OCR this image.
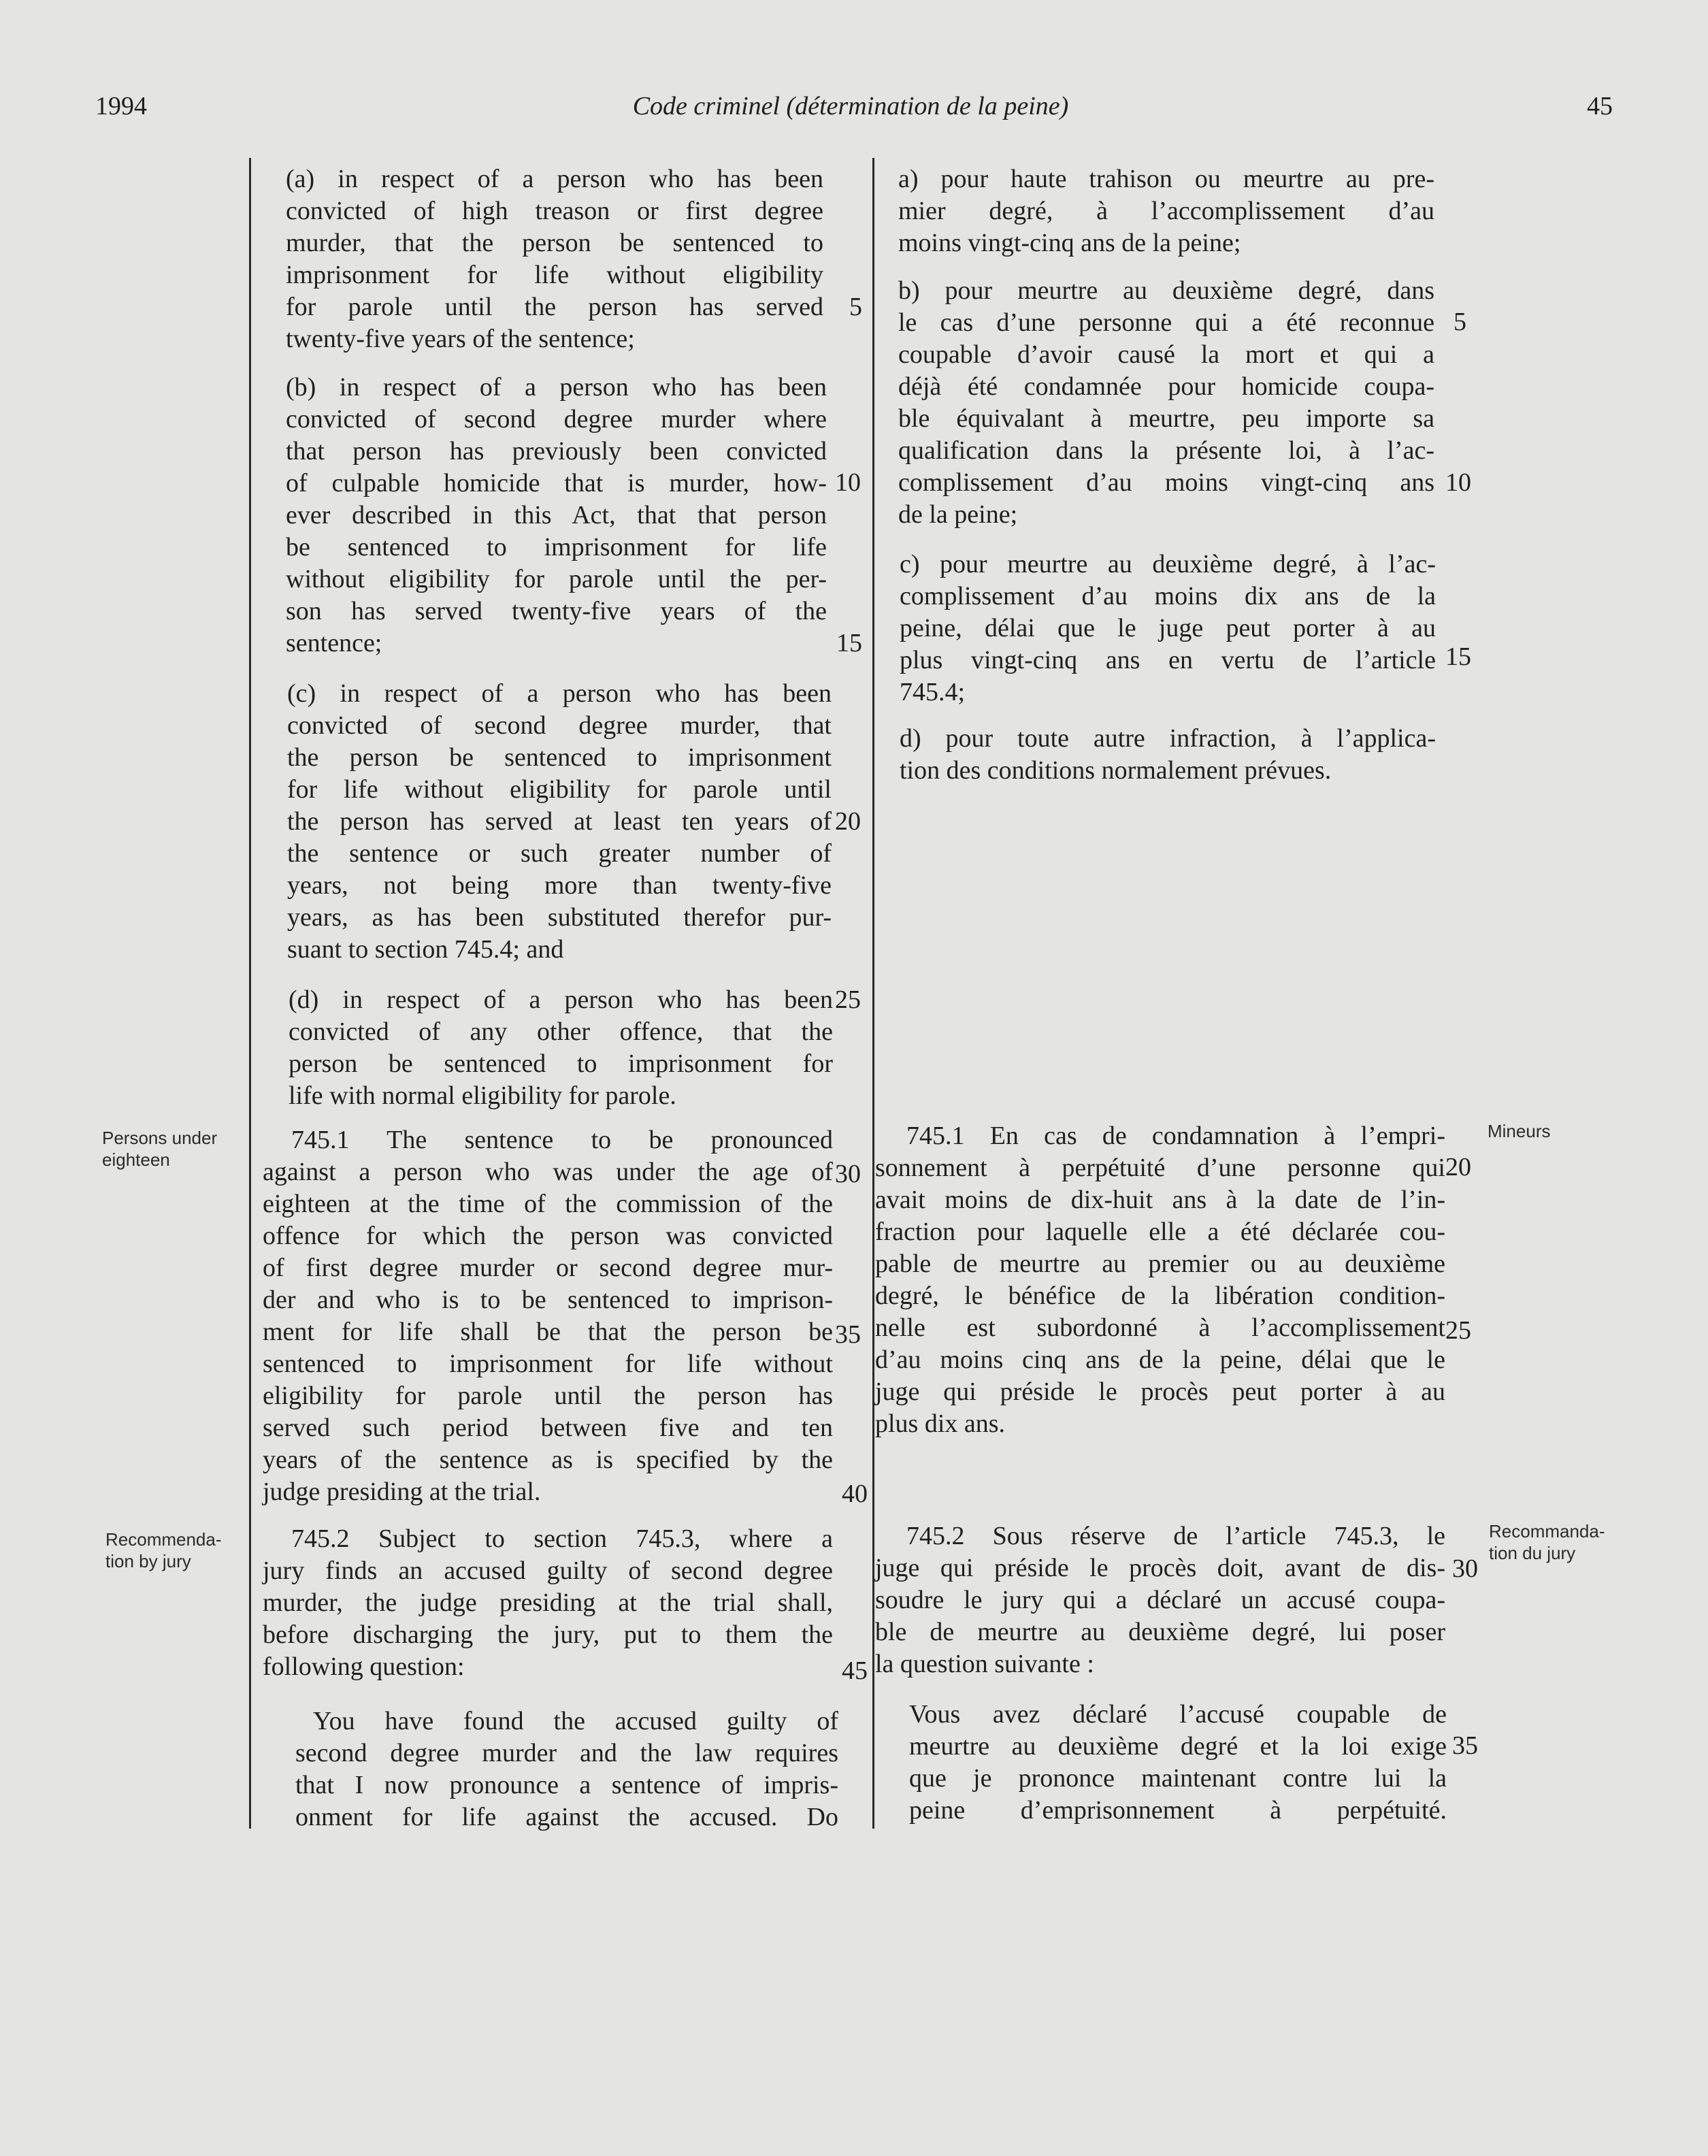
1994	Code criminel (détermination de la peine)	45
Persons under
eighteen
Recommenda-
tion by jury
Mineurs
Recommanda-
tion du jury
(a) in respect of a person who has been
convicted of high treason or first degree
murder, that the person be sentenced to
imprisonment for life without eligibility
for parole until the person has served
twenty-five years of the sentence;
(b) in respect of a person who has been
convicted of second degree murder where
that person has previously been convicted
of culpable homicide that is murder, how-
ever described in this Act, that that person
be sentenced to imprisonment for life
without eligibility for parole until the per-
son has served twenty-five years of the
sentence;
(c) in respect of a person who has been
convicted of second degree murder, that
the person be sentenced to imprisonment
for life without eligibility for parole until
the person has served at least ten years of
the sentence or such greater number of
years, not being more than twenty-five
years, as has been substituted therefor pur-
suant to section 745.4; and
(d) in respect of a person who has been
convicted of any other offence, that the
person be sentenced to imprisonment for
life with normal eligibility for parole.
745.1 The sentence to be pronounced
against a person who was under the age of
eighteen at the time of the commission of the
offence for which the person was convicted
of first degree murder or second degree mur-
der and who is to be sentenced to imprison-
ment for life shall be that the person be
sentenced to imprisonment for life without
eligibility for parole until the person has
served such period between five and ten
years of the sentence as is specified by the
judge presiding at the trial.
745.2 Subject to section 745.3, where a
jury finds an accused guilty of second degree
murder, the judge presiding at the trial shall,
before discharging the jury, put to them the
following question:
You have found the accused guilty of
second degree murder and the law requires
that I now pronounce a sentence of impris-
onment for life against the accused. Do
5
10
15
20
25
30
35
40
45
a) pour haute trahison ou meurtre au pre-
mier degré, à l’accomplissement d’au
moins vingt-cinq ans de la peine;
b) pour meurtre au deuxième degré, dans
le cas d’une personne qui a été reconnue
coupable d’avoir causé la mort et qui a
déjà été condamnée pour homicide coupa-
ble équivalant à meurtre, peu importe sa
qualification dans la présente loi, à l’ac-
complissement d’au moins vingt-cinq ans
de la peine;
c) pour meurtre au deuxième degré, à l’ac-
complissement d’au moins dix ans de la
peine, délai que le juge peut porter à au
plus vingt-cinq ans en vertu de l’article
745.4;
d) pour toute autre infraction, à l’applica-
tion des conditions normalement prévues.
745.1 En cas de condamnation à l’empri-
sonnement à perpétuité d’une personne qui
avait moins de dix-huit ans à la date de l’in-
fraction pour laquelle elle a été déclarée cou-
pable de meurtre au premier ou au deuxième
degré, le bénéfice de la libération condition-
nelle est subordonné à l’accomplissement
d’au moins cinq ans de la peine, délai que le
juge qui préside le procès peut porter à au
plus dix ans.
745.2 Sous réserve de l’article 745.3, le
juge qui préside le procès doit, avant de dis-
soudre le jury qui a déclaré un accusé coupa-
ble de meurtre au deuxième degré, lui poser
la question suivante :
Vous avez déclaré l’accusé coupable de
meurtre au deuxième degré et la loi exige
que je prononce maintenant contre lui la
peine d’emprisonnement à perpétuité.
5
10
15
20
25
30
35
